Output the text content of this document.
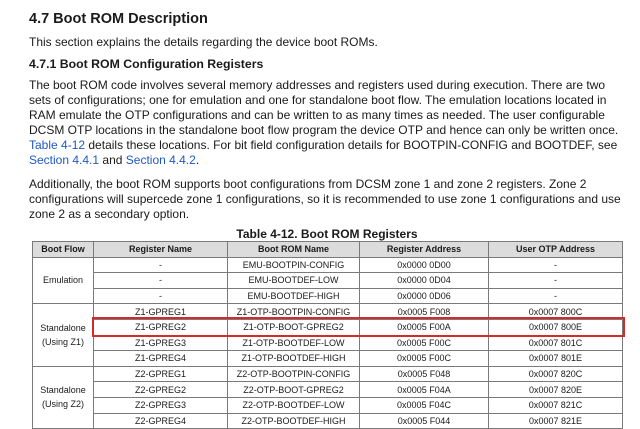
4.7 Boot ROM Description

This section explains the details regarding the device boot ROMs.

4.7.1 Boot ROM Configuration Registers

The boot ROM code involves several memory addresses and registers used during execution. There are two sets of configurations; one for emulation and one for standalone boot flow. The emulation locations located in RAM emulate the OTP configurations and can be written to as many times as needed. The user configurable DCSM OTP locations in the standalone boot flow program the device OTP and hence can only be written once. Table 4-12 details these locations. For bit field configuration details for BOOTPIN-CONFIG and BOOTDEF, see Section 4.4.1 and Section 4.4.2.

Additionally, the boot ROM supports boot configurations from DCSM zone 1 and zone 2 registers. Zone 2 configurations will supercede zone 1 configurations, so it is recommended to use zone 1 configurations and use zone 2 as a secondary option.

Table 4-12. Boot ROM Registers
Boot Flow	Register Name	Boot ROM Name	Register Address	User OTP Address
Emulation	-	EMU-BOOTPIN-CONFIG	0x0000 0D00	-
	-	EMU-BOOTDEF-LOW	0x0000 0D04	-
	-	EMU-BOOTDEF-HIGH	0x0000 0D06	-
Standalone
(Using Z1)	Z1-GPREG1	Z1-OTP-BOOTPIN-CONFIG	0x0005 F008	0x0007 800C
	Z1-GPREG2	Z1-OTP-BOOT-GPREG2	0x0005 F00A	0x0007 800E
	Z1-GPREG3	Z1-OTP-BOOTDEF-LOW	0x0005 F00C	0x0007 801C
	Z1-GPREG4	Z1-OTP-BOOTDEF-HIGH	0x0005 F00C	0x0007 801E
Standalone
(Using Z2)	Z2-GPREG1	Z2-OTP-BOOTPIN-CONFIG	0x0005 F048	0x0007 820C
	Z2-GPREG2	Z2-OTP-BOOT-GPREG2	0x0005 F04A	0x0007 820E
	Z2-GPREG3	Z2-OTP-BOOTDEF-LOW	0x0005 F04C	0x0007 821C
	Z2-GPREG4	Z2-OTP-BOOTDEF-HIGH	0x0005 F044	0x0007 821E
